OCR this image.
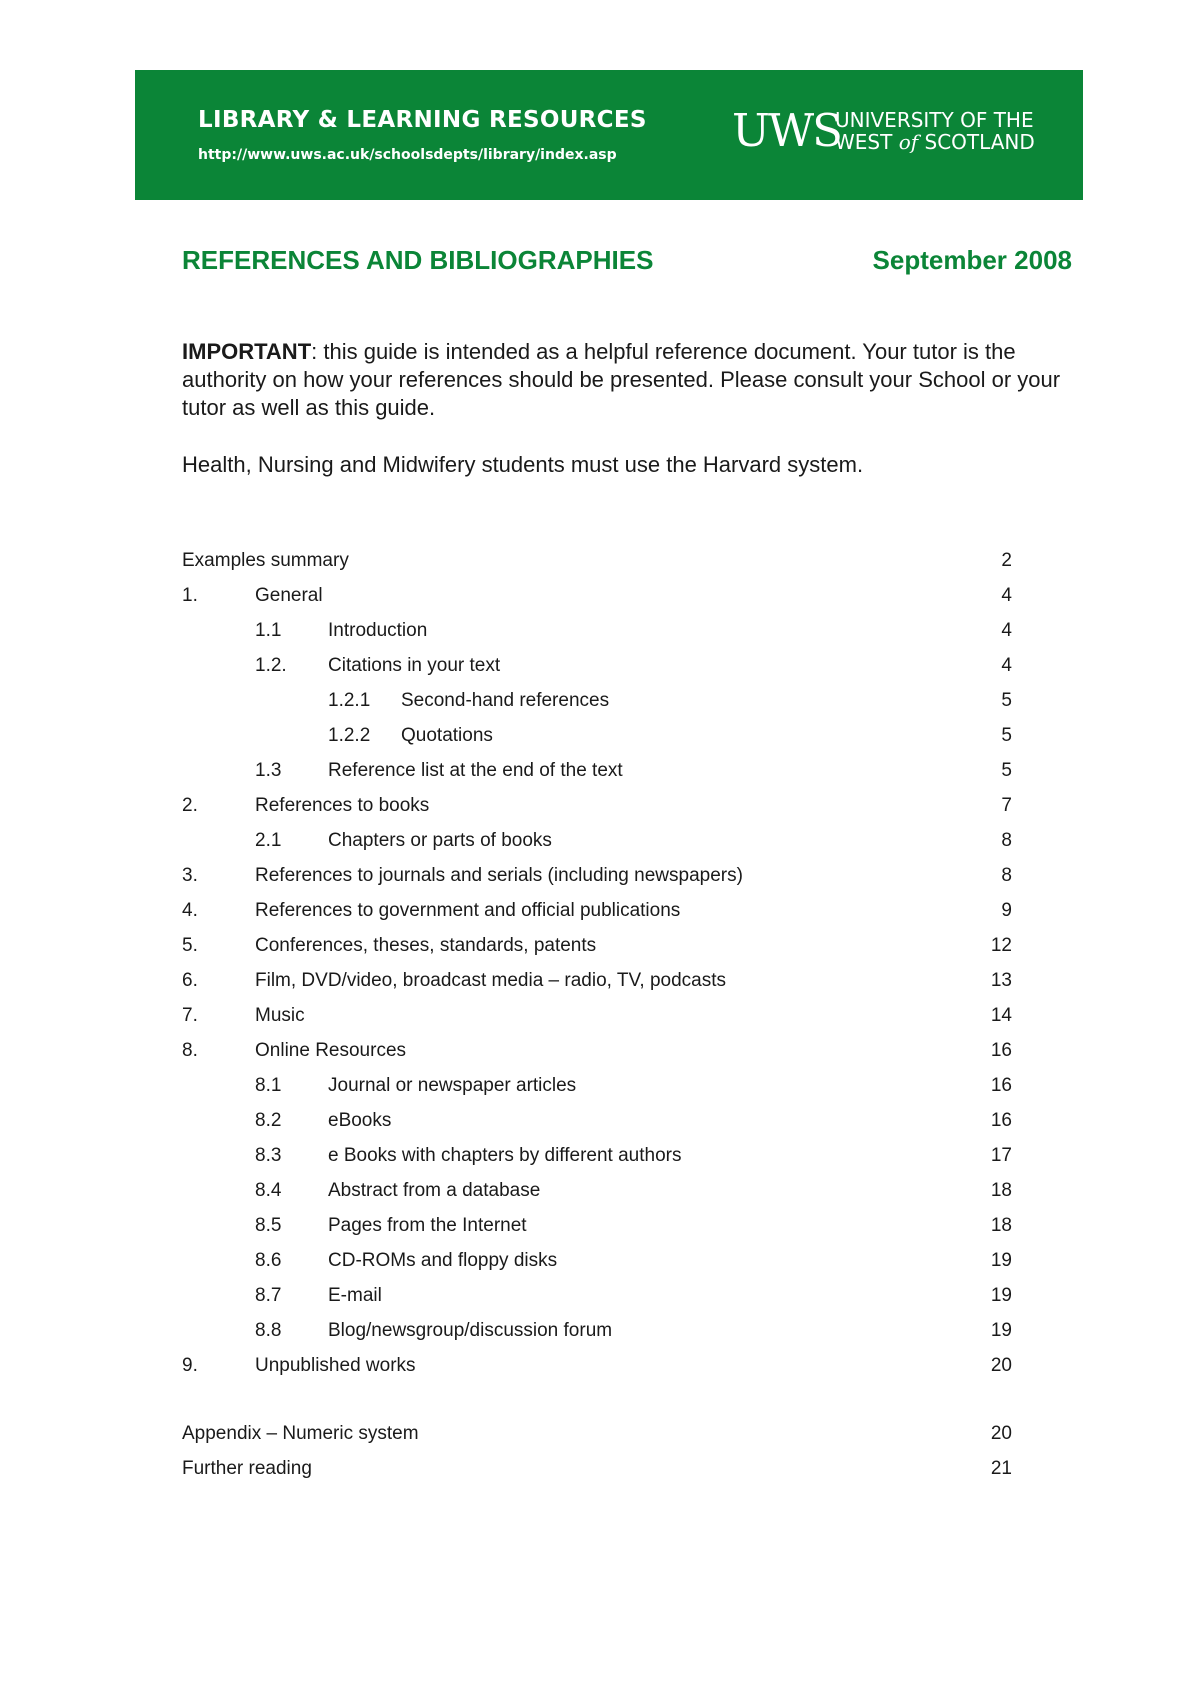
LIBRARY & LEARNING RESOURCES
http://www.uws.ac.uk/schoolsdepts/library/index.asp	UWS
UNIVERSITY OF THE
WEST of SCOTLAND
REFERENCES AND BIBLIOGRAPHIES	September 2008

IMPORTANT: this guide is intended as a helpful reference document. Your tutor is the authority on how your references should be presented. Please consult your School or your tutor as well as this guide.

Health, Nursing and Midwifery students must use the Harvard system.

Examples summary	2
1.	General	4
1.1 Introduction	4
1.2. Citations in your text	4
1.2.1 Second-hand references	5
1.2.2 Quotations	5
1.3 Reference list at the end of the text	5
2.	References to books	7
2.1 Chapters or parts of books	8
3.	References to journals and serials (including newspapers)	8
4.	References to government and official publications	9
5.	Conferences, theses, standards, patents	12
6.	Film, DVD/video, broadcast media – radio, TV, podcasts	13
7.	Music	14
8.	Online Resources	16
8.1 Journal or newspaper articles	16
8.2 eBooks	16
8.3 e Books with chapters by different authors	17
8.4 Abstract from a database	18
8.5 Pages from the Internet	18
8.6 CD-ROMs and floppy disks	19
8.7 E-mail	19
8.8 Blog/newsgroup/discussion forum	19
9.	Unpublished works	20
Appendix – Numeric system	20
Further reading	21
